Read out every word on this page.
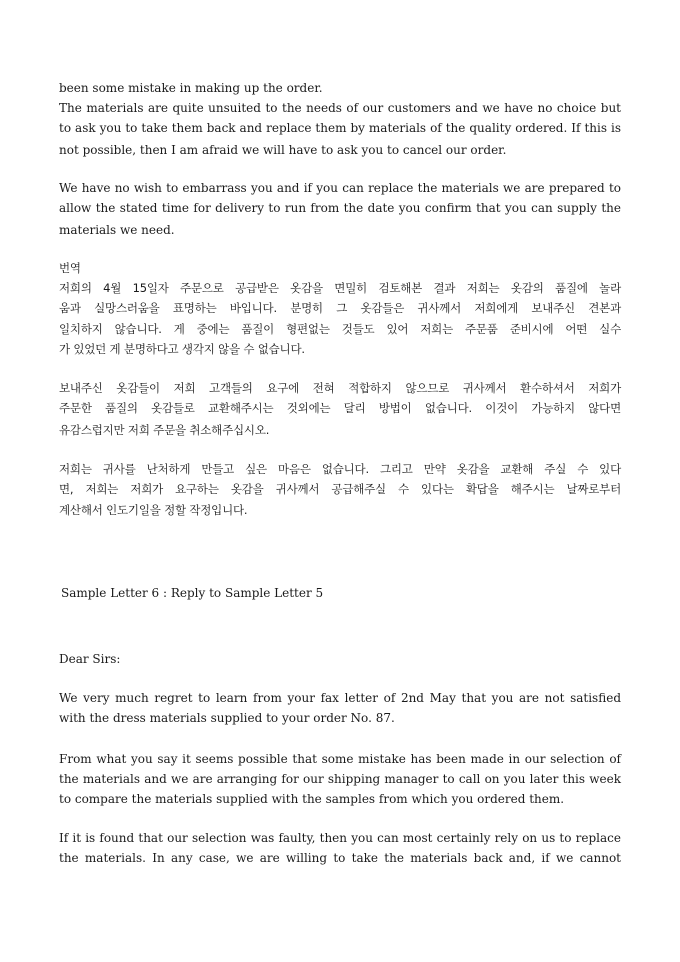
been some mistake in making up the order.
The materials are quite unsuited to the needs of our customers and we have no choice but
to ask you to take them back and replace them by materials of the quality ordered. If this is
not possible, then I am afraid we will have to ask you to cancel our order.
We have no wish to embarrass you and if you can replace the materials we are prepared to
allow the stated time for delivery to run from the date you confirm that you can supply the
materials we need.
번역
저희의 4월 15일자 주문으로 공급받은 옷감을 면밀히 검토해본 결과 저희는 옷감의 품질에 놀라
움과 실망스러움을 표명하는 바입니다. 분명히 그 옷감들은 귀사께서 저희에게 보내주신 견본과
일치하지 않습니다. 게 중에는 품질이 형편없는 것들도 있어 저희는 주문품 준비시에 어떤 실수
가 있었던 게 분명하다고 생각지 않을 수 없습니다.
보내주신 옷감들이 저희 고객들의 요구에 전혀 적합하지 않으므로 귀사께서 환수하셔서 저희가
주문한 품질의 옷감들로 교환해주시는 것외에는 달리 방법이 없습니다. 이것이 가능하지 않다면
유감스럽지만 저희 주문을 취소해주십시오.
저희는 귀사를 난처하게 만들고 싶은 마음은 없습니다. 그리고 만약 옷감을 교환해 주실 수 있다
면, 저희는 저희가 요구하는 옷감을 귀사께서 공급해주실 수 있다는 확답을 해주시는 날짜로부터
계산해서 인도기일을 정할 작정입니다.
Sample Letter 6 : Reply to Sample Letter 5
Dear Sirs:
We very much regret to learn from your fax letter of 2nd May that you are not satisfied
with the dress materials supplied to your order No. 87.
From what you say it seems possible that some mistake has been made in our selection of
the materials and we are arranging for our shipping manager to call on you later this week
to compare the materials supplied with the samples from which you ordered them.
If it is found that our selection was faulty, then you can most certainly rely on us to replace
the materials. In any case, we are willing to take the materials back and, if we cannot
